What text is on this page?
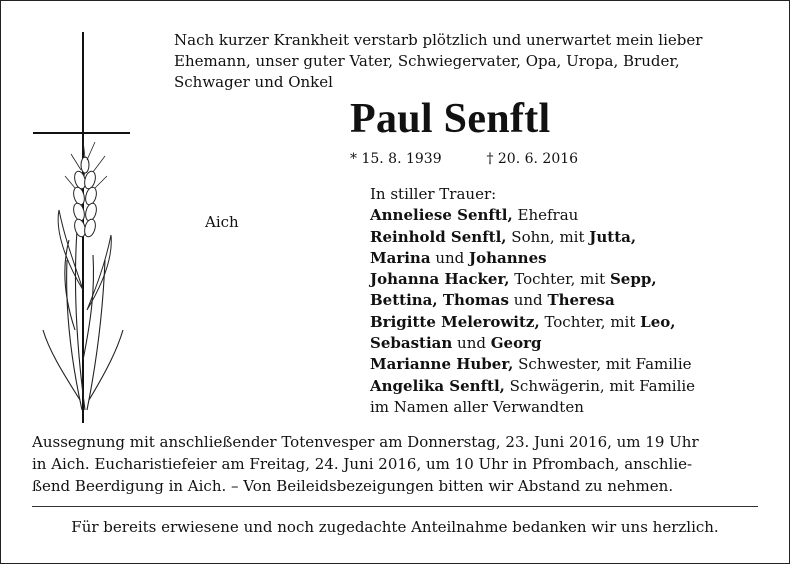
Nach kurzer Krankheit verstarb plötzlich und unerwartet mein lieber

Ehemann, unser guter Vater, Schwiegervater, Opa, Uropa, Bruder,

Schwager und Onkel

Paul Senftl
* 15. 8. 1939	† 20. 6. 2016
Aich
In stiller Trauer:
Anneliese Senftl, Ehefrau
Reinhold Senftl, Sohn, mit Jutta,
Marina und Johannes
Johanna Hacker, Tochter, mit Sepp,
Bettina, Thomas und Theresa
Brigitte Melerowitz, Tochter, mit Leo,
Sebastian und Georg
Marianne Huber, Schwester, mit Familie
Angelika Senftl, Schwägerin, mit Familie
im Namen aller Verwandten

Aussegnung mit anschließender Totenvesper am Donnerstag, 23. Juni 2016, um 19 Uhr

in Aich. Eucharistiefeier am Freitag, 24. Juni 2016, um 10 Uhr in Pfrombach, anschlie-

ßend Beerdigung in Aich. – Von Beileidsbezeigungen bitten wir Abstand zu nehmen.

Für bereits erwiesene und noch zugedachte Anteilnahme bedanken wir uns herzlich.
